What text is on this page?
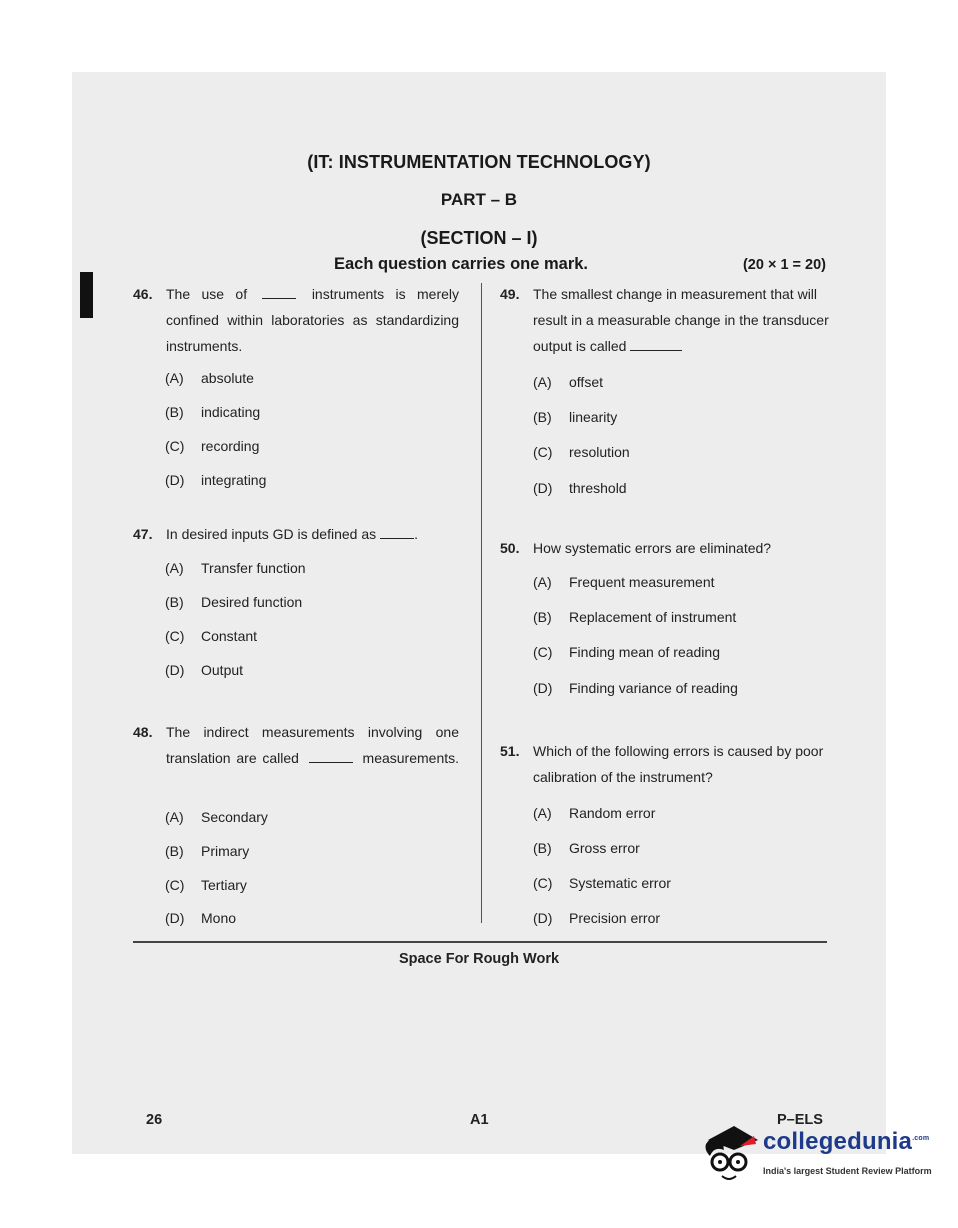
(IT: INSTRUMENTATION TECHNOLOGY)
PART – B
(SECTION – I)
Each question carries one mark.	(20 × 1 = 20)
46. The use of	instruments is merely confined within laboratories as standardizing instruments.
(A) absolute
(B) indicating
(C) recording
(D) integrating
47. In desired inputs GD is defined as	.
(A) Transfer function
(B) Desired function
(C) Constant
(D) Output
48. The indirect measurements involving one translation are called	measurements.
(A) Secondary
(B) Primary
(C) Tertiary
(D) Mono
49. The smallest change in measurement that will result in a measurable change in the transducer output is called
(A) offset
(B) linearity
(C) resolution
(D) threshold
50. How systematic errors are eliminated?
(A) Frequent measurement
(B) Replacement of instrument
(C) Finding mean of reading
(D) Finding variance of reading
51. Which of the following errors is caused by poor calibration of the instrument?
(A) Random error
(B) Gross error
(C) Systematic error
(D) Precision error
Space For Rough Work
26	A1	P–ELS
collegedunia$^{.com}$
India's largest Student Review Platform
